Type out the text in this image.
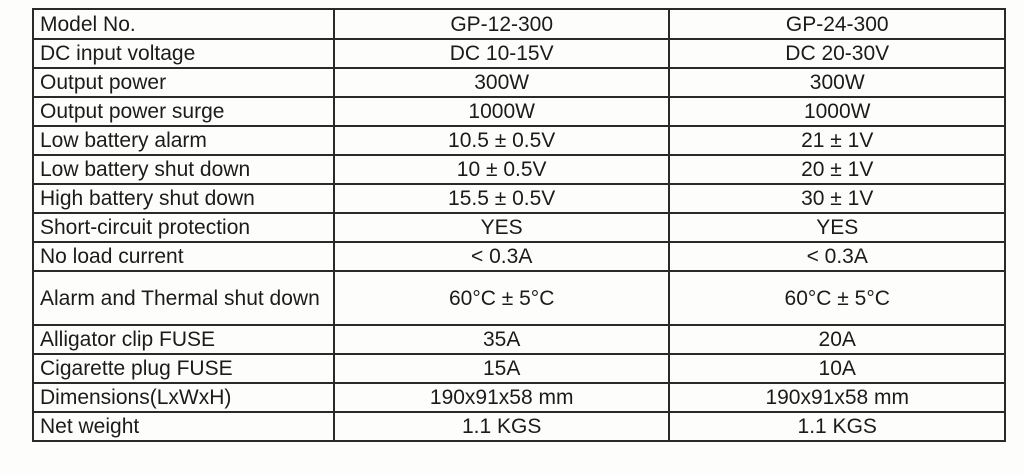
Model No.	GP-12-300	GP-24-300
DC input voltage	DC 10-15V	DC 20-30V
Output power	300W	300W
Output power surge	1000W	1000W
Low battery alarm	10.5 ± 0.5V	21 ± 1V
Low battery shut down	10 ± 0.5V	20 ± 1V
High battery shut down	15.5 ± 0.5V	30 ± 1V
Short-circuit protection	YES	YES
No load current	< 0.3A	< 0.3A
Alarm and Thermal shut down	60°C ± 5°C	60°C ± 5°C
Alligator clip FUSE	35A	20A
Cigarette plug FUSE	15A	10A
Dimensions(LxWxH)	190x91x58 mm	190x91x58 mm
Net weight	1.1 KGS	1.1 KGS
